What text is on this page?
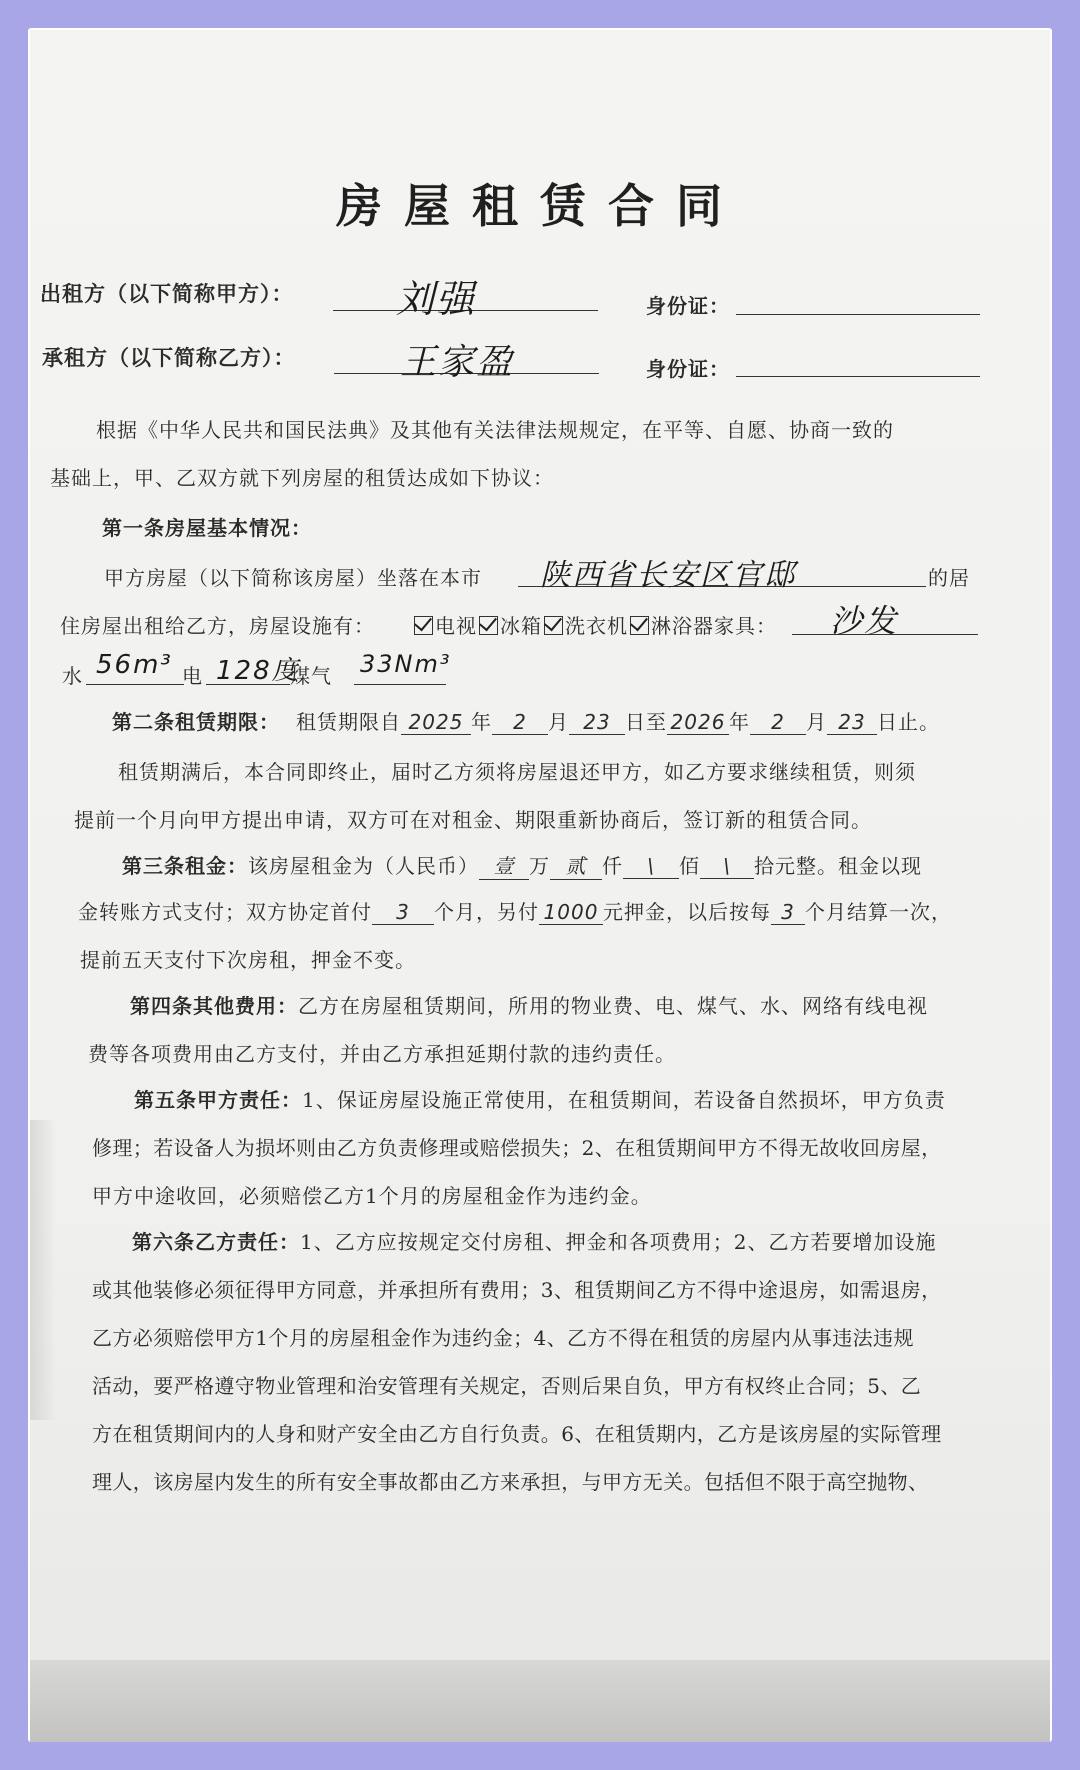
房屋租赁合同
出租方（以下简称甲方）：	刘强	身份证：
承租方（以下简称乙方）：	王家盈	身份证：
根据《中华人民共和国民法典》及其他有关法律法规规定，在平等、自愿、协商一致的
基础上，甲、乙双方就下列房屋的租赁达成如下协议：
第一条房屋基本情况：
甲方房屋（以下简称该房屋）坐落在本市 陕西省长安区官邸	的居
住房屋出租给乙方，房屋设施有：	电视 冰箱 洗衣机 淋浴器家具： 沙发
水 56m³ 电 128度
煤气 33Nm³
第二条租赁期限： 租赁期限自 2025 年 2 月 23 日至 2026 年 2 月 23 日止。
租赁期满后，本合同即终止，届时乙方须将房屋退还甲方，如乙方要求继续租赁，则须
提前一个月向甲方提出申请，双方可在对租金、期限重新协商后，签订新的租赁合同。
第三条租金：该房屋租金为（人民币） 壹 万 贰 仟 \ 佰 \ 拾元整。租金以现
金转账方式支付；双方协定首付 3 个月，另付 1000 元押金，以后按每 3 个月结算一次，
提前五天支付下次房租，押金不变。
第四条其他费用：乙方在房屋租赁期间，所用的物业费、电、煤气、水、网络有线电视
费等各项费用由乙方支付，并由乙方承担延期付款的违约责任。
第五条甲方责任：1、保证房屋设施正常使用，在租赁期间，若设备自然损坏，甲方负责
修理；若设备人为损坏则由乙方负责修理或赔偿损失；2、在租赁期间甲方不得无故收回房屋，
甲方中途收回，必须赔偿乙方1个月的房屋租金作为违约金。
第六条乙方责任：1、乙方应按规定交付房租、押金和各项费用；2、乙方若要增加设施
或其他装修必须征得甲方同意，并承担所有费用；3、租赁期间乙方不得中途退房，如需退房，
乙方必须赔偿甲方1个月的房屋租金作为违约金；4、乙方不得在租赁的房屋内从事违法违规
活动，要严格遵守物业管理和治安管理有关规定，否则后果自负，甲方有权终止合同；5、乙
方在租赁期间内的人身和财产安全由乙方自行负责。6、在租赁期内，乙方是该房屋的实际管理
理人，该房屋内发生的所有安全事故都由乙方来承担，与甲方无关。包括但不限于高空抛物、
